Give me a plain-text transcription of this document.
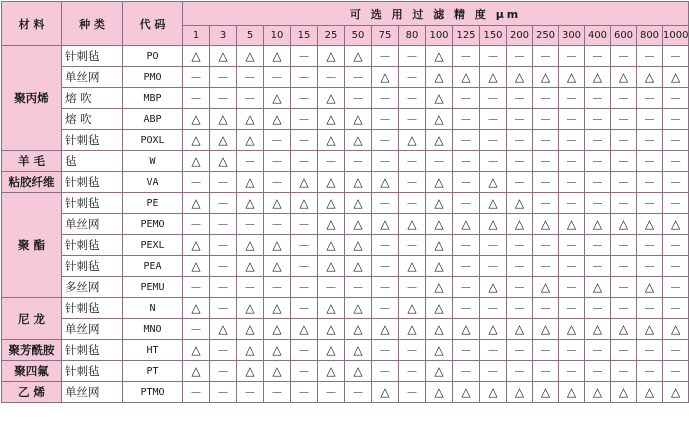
材 料	种 类	代 码	可 选 用 过 滤 精 度 μm																		
			1	3	5	10	15	25	50	75	80	100	125	150	200	250	300	400	600	800	1000
聚丙烯	针刺毡	PO	△	△	△	△	－	△	△	－	－	△	－	－	－	－	－	－	－	－	－
	单丝网	PMO	－	－	－	－	－	－	－	△	－	△	△	△	△	△	△	△	△	△	△
	熔 吹	MBP	－	－	－	△	－	△	－	－	－	△	－	－	－	－	－	－	－	－	－
	熔 吹	ABP	△	△	△	△	－	△	△	－	－	△	－	－	－	－	－	－	－	－	－
	针刺毡	POXL	△	△	△	－	－	△	△	－	△	△	－	－	－	－	－	－	－	－	－
羊 毛	毡	W	△	△	－	－	－	－	－	－	－	－	－	－	－	－	－	－	－	－	－
粘胶纤维	针刺毡	VA	－	－	△	－	△	△	△	△	－	△	－	△	－	－	－	－	－	－	－
聚 酯	针刺毡	PE	△	－	△	△	△	△	△	－	－	△	－	△	△	－	－	－	－	－	－
	单丝网	PEMO	－	－	－	－	－	△	△	△	△	△	△	△	△	△	△	△	△	△	△
	针刺毡	PEXL	△	－	△	△	－	△	△	－	－	△	－	－	－	－	－	－	－	－	－
	针刺毡	PEA	△	－	△	△	－	△	△	－	△	△	－	－	－	－	－	－	－	－	－
	多丝网	PEMU	－	－	－	－	－	－	－	－	－	△	－	△	－	△	－	△	－	△	－
尼 龙	针刺毡	N	△	－	△	△	－	△	△	－	△	△	－	－	－	－	－	－	－	－	－
	单丝网	MNO	－	△	△	△	△	△	△	△	△	△	△	△	△	△	△	△	△	△	△
聚芳酰胺	针刺毡	HT	△	－	△	△	－	△	△	－	－	△	－	－	－	－	－	－	－	－	－
聚四氟	针刺毡	PT	△	－	△	△	－	△	△	－	－	△	－	－	－	－	－	－	－	－	－
乙 烯	单丝网	PTMO	－	－	－	－	－	－	－	△	－	△	△	△	△	△	△	△	△	△	△
